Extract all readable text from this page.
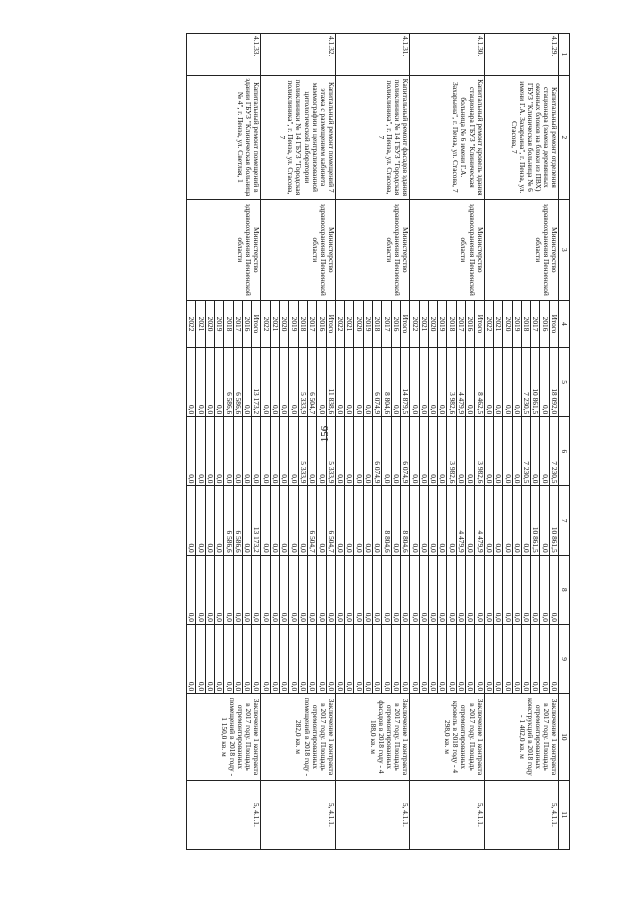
156
1	2	3	4	5	6	7	8	9	10	11
4.1.29.	Капитальный ремонт отделения стационара (замена деревянных оконных блоков на блоки из ПВХ) ГБУЗ "Клиническая больница № 6 имени Г.А. Захарьина", г. Пенза, ул. Стасова, 7	Министерство здравоохранения Пензенской области	Итого	18 092,0	7 230,5	10 861,5	0,0	0,0	Заключение 1 контракта в 2017 году. Площадь отремонтированных конструкций в 2018 году - 1 402,0 кв. м	5, 4.1.1.
			2016	0,0	0,0	0,0	0,0	0,0		
			2017	10 861,5	0,0	10 861,5	0,0	0,0		
			2018	7 230,5	7 230,5	0,0	0,0	0,0		
			2019	0,0	0,0	0,0	0,0	0,0		
			2020	0,0	0,0	0,0	0,0	0,0		
			2021	0,0	0,0	0,0	0,0	0,0		
			2022	0,0	0,0	0,0	0,0	0,0		
4.1.30.	Капитальный ремонт кровель здания стационара ГБУЗ "Клиническая больница № 6 имени Г.А. Захарьина", г. Пенза, ул. Стасова, 7	Министерство здравоохранения Пензенской области	Итого	8 462,5	3 982,6	4 479,9	0,0	0,0	Заключение 1 контракта в 2017 году. Площадь отремонтированных кровель в 2018 году - 4 298,0 кв. м	5, 4.1.1.
			2016	0,0	0,0	0,0	0,0	0,0		
			2017	4 479,9	0,0	4 479,9	0,0	0,0		
			2018	3 982,6	3 982,6	0,0	0,0	0,0		
			2019	0,0	0,0	0,0	0,0	0,0		
			2020	0,0	0,0	0,0	0,0	0,0		
			2021	0,0	0,0	0,0	0,0	0,0		
			2022	0,0	0,0	0,0	0,0	0,0		
4.1.31.	Капитальный ремонт фасадов здания поликлиники № 14 ГБУЗ "Городская поликлиника", г. Пенза, ул. Стасова, 7	Министерство здравоохранения Пензенской области	Итого	14 879,5	6 074,9	8 804,6	0,0	0,0	Заключение 1 контракта в 2017 году. Площадь отремонтированных фасадов в 2018 году - 4 188,0 кв. м	5, 4.1.1.
			2016	0,0	0,0	0,0	0,0	0,0		
			2017	8 804,6	0,0	8 804,6	0,0	0,0		
			2018	6 074,9	6 074,9	0,0	0,0	0,0		
			2019	0,0	0,0	0,0	0,0	0,0		
			2020	0,0	0,0	0,0	0,0	0,0		
			2021	0,0	0,0	0,0	0,0	0,0		
			2022	0,0	0,0	0,0	0,0	0,0		
4.1.32.	Капитальный ремонт помещений 7 этажа с размещением кабинета маммографии и централизованной цитологической лаборатории поликлиники № 14 ГБУЗ "Городская поликлиника", г. Пенза, ул. Стасова, 7	Министерство здравоохранения Пензенской области	Итого	11 838,6	5 333,9	6 504,7	0,0	0,0	Заключение 1 контракта в 2017 году. Площадь отремонтированных помещений в 2018 году - 282,0 кв. м	5, 4.1.1.
			2016	0,0	0,0	0,0	0,0	0,0		
			2017	6 504,7	0,0	6 504,7	0,0	0,0		
			2018	5 333,9	5 333,9	0,0	0,0	0,0		
			2019	0,0	0,0	0,0	0,0	0,0		
			2020	0,0	0,0	0,0	0,0	0,0		
			2021	0,0	0,0	0,0	0,0	0,0		
			2022	0,0	0,0	0,0	0,0	0,0		
4.1.33.	Капитальный ремонт помещений в здании ГБУЗ "Клиническая больница № 4", г. Пенза, ул. Светлая, 1	Министерство здравоохранения Пензенской области	Итого	13 173,2	0,0	13 173,2	0,0	0,0	Заключение 1 контракта в 2017 году. Площадь отремонтированных помещений в 2018 году - 1 150,0 кв. м	5, 4.1.1.
			2016	0,0	0,0	0,0	0,0	0,0		
			2017	6 586,6	0,0	6 586,6	0,0	0,0		
			2018	6 586,6	0,0	6 586,6	0,0	0,0		
			2019	0,0	0,0	0,0	0,0	0,0		
			2020	0,0	0,0	0,0	0,0	0,0		
			2021	0,0	0,0	0,0	0,0	0,0		
			2022	0,0	0,0	0,0	0,0	0,0		
